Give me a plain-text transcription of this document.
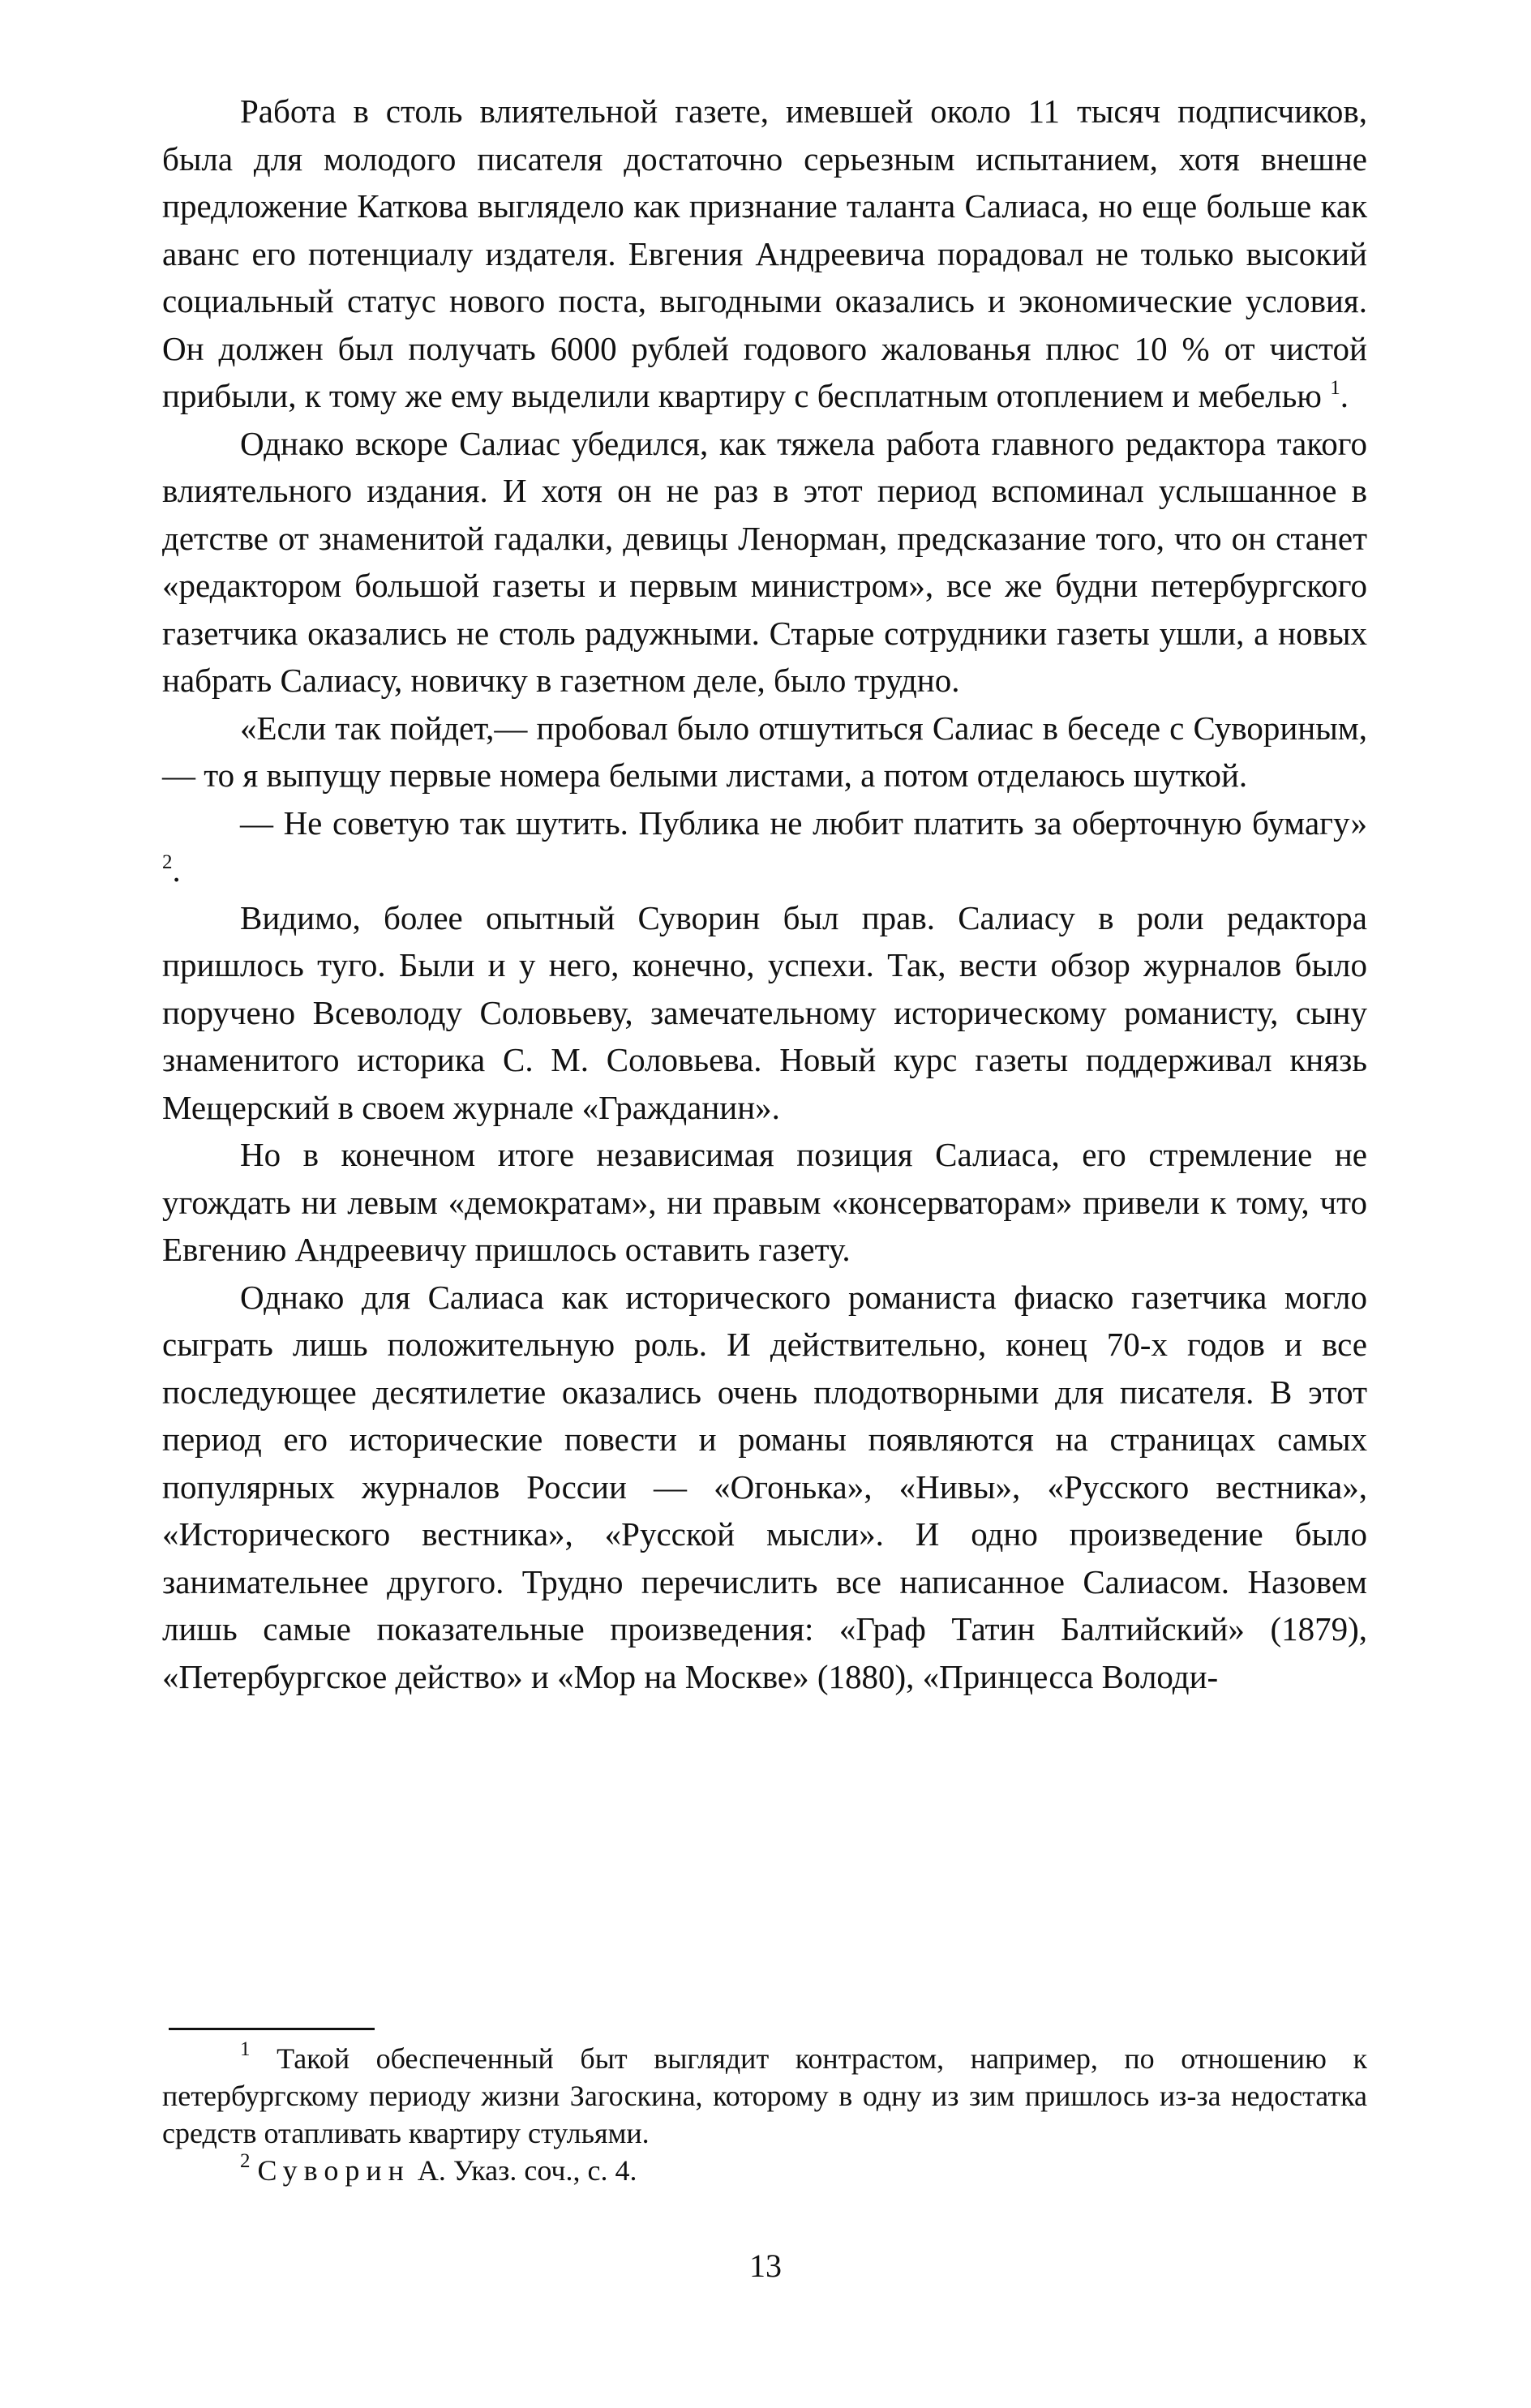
Работа в столь влиятельной газете, имевшей около 11 тысяч подписчиков, была для молодого писателя достаточно серьезным испытанием, хотя внешне предложение Каткова выглядело как признание таланта Салиаса, но еще больше как аванс его потенциалу издателя. Евгения Андреевича порадовал не только высокий социальный статус нового поста, выгодными оказались и экономические условия. Он должен был получать 6000 рублей годового жалованья плюс 10 % от чистой прибыли, к тому же ему выделили квартиру с бесплатным отоплением и мебелью $^1$.

Однако вскоре Салиас убедился, как тяжела работа главного редактора такого влиятельного издания. И хотя он не раз в этот период вспоминал услышанное в детстве от знаменитой гадалки, девицы Ленорман, предсказание того, что он станет «редактором большой газеты и первым министром», все же будни петербургского газетчика оказались не столь радужными. Старые сотрудники газеты ушли, а новых набрать Салиасу, новичку в газетном деле, было трудно.

«Если так пойдет,— пробовал было отшутиться Салиас в беседе с Сувориным,— то я выпущу первые номера белыми листами, а потом отделаюсь шуткой.

— Не советую так шутить. Публика не любит платить за оберточную бумагу» $^2$.

Видимо, более опытный Суворин был прав. Салиасу в роли редактора пришлось туго. Были и у него, конечно, успехи. Так, вести обзор журналов было поручено Всеволоду Соловьеву, замечательному историческому романисту, сыну знаменитого историка С. М. Соловьева. Новый курс газеты поддерживал князь Мещерский в своем журнале «Гражданин».

Но в конечном итоге независимая позиция Салиаса, его стремление не угождать ни левым «демократам», ни правым «консерваторам» привели к тому, что Евгению Андреевичу пришлось оставить газету.

Однако для Салиаса как исторического романиста фиаско газетчика могло сыграть лишь положительную роль. И действительно, конец 70-х годов и все последующее десятилетие оказались очень плодотворными для писателя. В этот период его исторические повести и романы появляются на страницах самых популярных журналов России — «Огонька», «Нивы», «Русского вестника», «Исторического вестника», «Русской мысли». И одно произведение было занимательнее другого. Трудно перечислить все написанное Салиасом. Назовем лишь самые показательные произведения: «Граф Татин Балтийский» (1879), «Петербургское действо» и «Мор на Москве» (1880), «Принцесса Володи-

$^1$ Такой обеспеченный быт выглядит контрастом, например, по отношению к петербургскому периоду жизни Загоскина, которому в одну из зим пришлось из-за недостатка средств отапливать квартиру стульями.

$^2$ Суворин А. Указ. соч., с. 4.

13
